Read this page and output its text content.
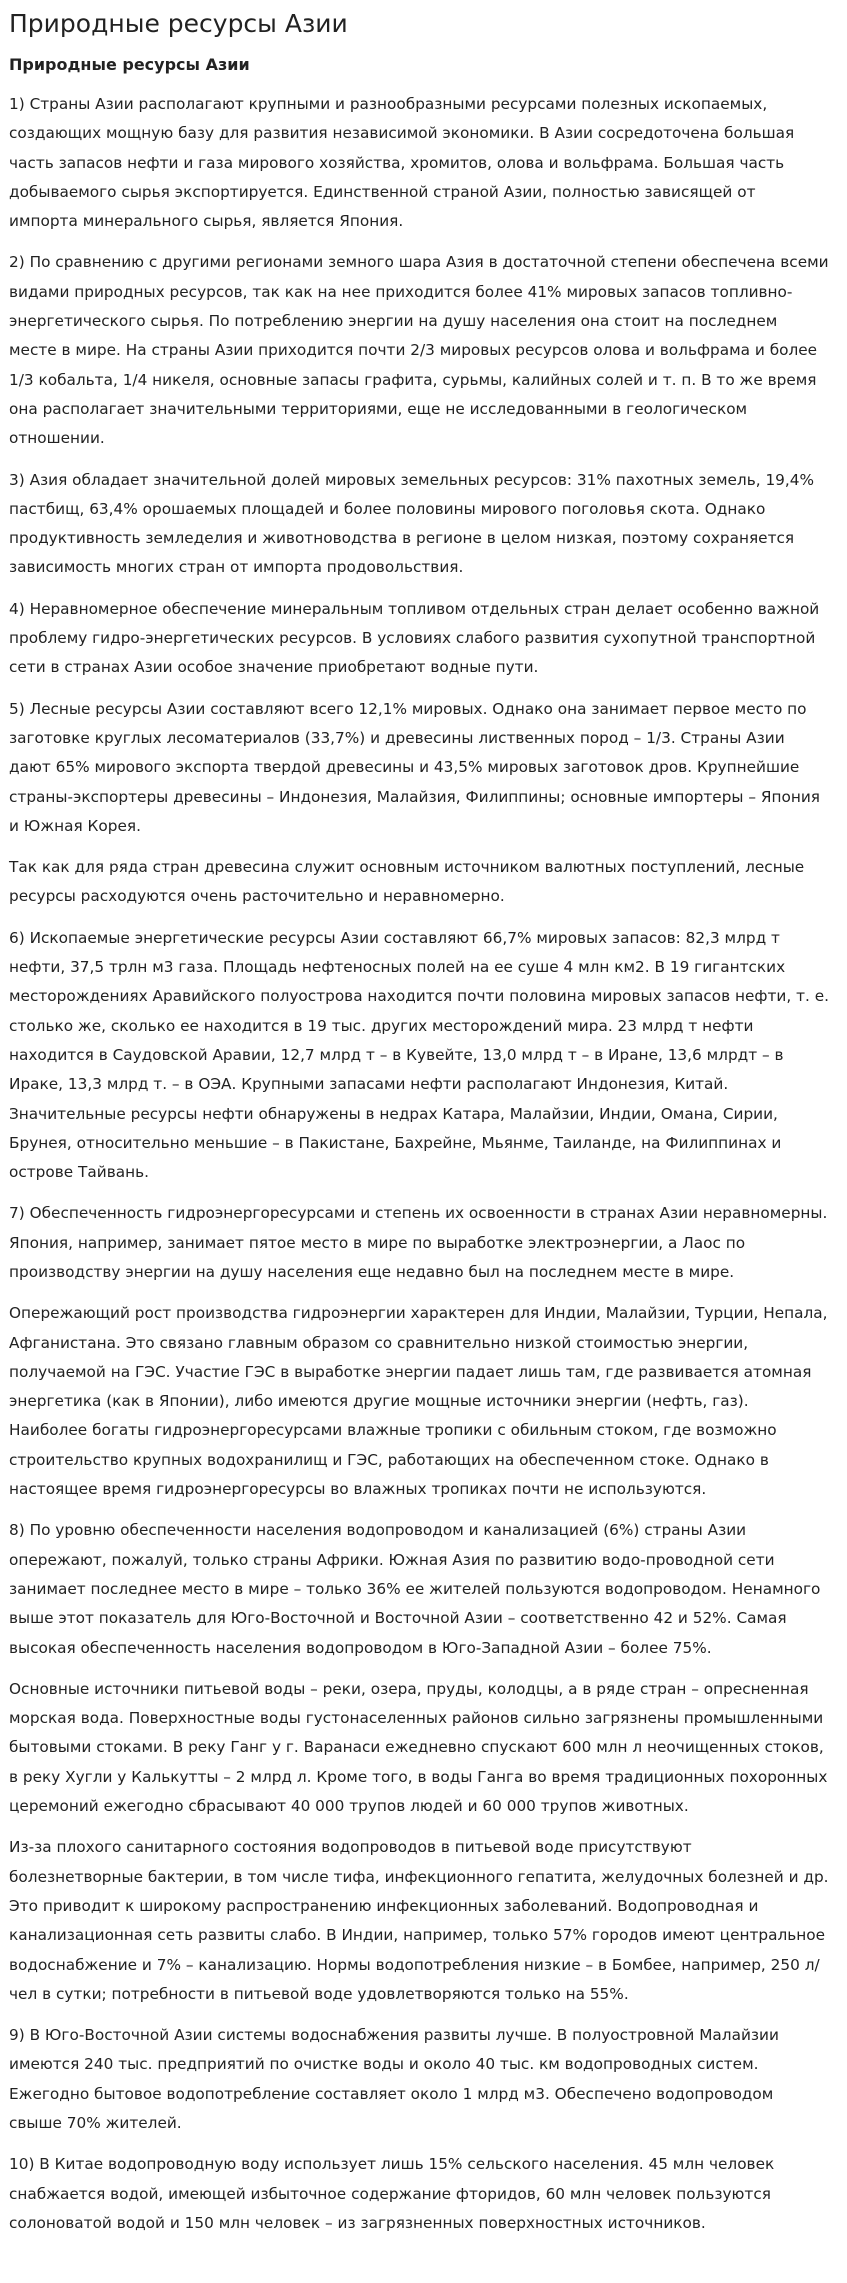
Природные ресурсы Азии
Природные ресурсы Азии

1) Страны Азии располагают крупными и разнообразными ресурсами полезных ископаемых, создающих мощную базу для развития независимой экономики. В Азии сосредоточена большая часть запасов нефти и газа мирового хозяйства, хромитов, олова и вольфрама. Большая часть добываемого сырья экспортируется. Единственной страной Азии, полностью зависящей от импорта минерального сырья, является Япония.

2) По сравнению с другими регионами земного шара Азия в достаточной степени обеспечена всеми видами природных ресурсов, так как на нее приходится более 41% мировых запасов топливно-энергетического сырья. По потреблению энергии на душу населения она стоит на последнем месте в мире. На страны Азии приходится почти 2/3 мировых ресурсов олова и вольфрама и более 1/3 кобальта, 1/4 никеля, основные запасы графита, сурьмы, калийных солей и т. п. В то же время она располагает значительными территориями, еще не исследованными в геологическом отношении.

3) Азия обладает значительной долей мировых земельных ресурсов: 31% пахотных земель, 19,4% пастбищ, 63,4% орошаемых площадей и более половины мирового поголовья скота. Однако продуктивность земледелия и животноводства в регионе в целом низкая, поэтому сохраняется зависимость многих стран от импорта продовольствия.

4) Неравномерное обеспечение минеральным топливом отдельных стран делает особенно важной проблему гидро-энергетических ресурсов. В условиях слабого развития сухопутной транспортной сети в странах Азии особое значение приобретают водные пути.

5) Лесные ресурсы Азии составляют всего 12,1% мировых. Однако она занимает первое место по заготовке круглых лесоматериалов (33,7%) и древесины лиственных пород – 1/3. Страны Азии дают 65% мирового экспорта твердой древесины и 43,5% мировых заготовок дров. Крупнейшие страны-экспортеры древесины – Индонезия, Малайзия, Филиппины; основные импортеры – Япония и Южная Корея.

Так как для ряда стран древесина служит основным источником валютных поступлений, лесные ресурсы расходуются очень расточительно и неравномерно.

6) Ископаемые энергетические ресурсы Азии составляют 66,7% мировых запасов: 82,3 млрд т нефти, 37,5 трлн м3 газа. Площадь нефтеносных полей на ее суше 4 млн км2. В 19 гигантских месторождениях Аравийского полуострова находится почти половина мировых запасов нефти, т. е. столько же, сколько ее находится в 19 тыс. других месторождений мира. 23 млрд т нефти находится в Саудовской Аравии, 12,7 млрд т – в Кувейте, 13,0 млрд т – в Иране, 13,6 млрдт – в Ираке, 13,3 млрд т. – в ОЭА. Крупными запасами нефти располагают Индонезия, Китай. Значительные ресурсы нефти обнаружены в недрах Катара, Малайзии, Индии, Омана, Сирии, Брунея, относительно меньшие – в Пакистане, Бахрейне, Мьянме, Таиланде, на Филиппинах и острове Тайвань.

7) Обеспеченность гидроэнергоресурсами и степень их освоенности в странах Азии неравномерны. Япония, например, занимает пятое место в мире по выработке электроэнергии, а Лаос по производству энергии на душу населения еще недавно был на последнем месте в мире.

Опережающий рост производства гидроэнергии характерен для Индии, Малайзии, Турции, Непала, Афганистана. Это связано главным образом со сравнительно низкой стоимостью энергии, получаемой на ГЭС. Участие ГЭС в выработке энергии падает лишь там, где развивается атомная энергетика (как в Японии), либо имеются другие мощные источники энергии (нефть, газ). Наиболее богаты гидроэнергоресурсами влажные тропики с обильным стоком, где возможно строительство крупных водохранилищ и ГЭС, работающих на обеспеченном стоке. Однако в настоящее время гидроэнергоресурсы во влажных тропиках почти не используются.

8) По уровню обеспеченности населения водопроводом и канализацией (6%) страны Азии опережают, пожалуй, только страны Африки. Южная Азия по развитию водо-проводной сети занимает последнее место в мире – только 36% ее жителей пользуются водопроводом. Ненамного выше этот показатель для Юго-Восточной и Восточной Азии – соответственно 42 и 52%. Самая высокая обеспеченность населения водопроводом в Юго-Западной Азии – более 75%.

Основные источники питьевой воды – реки, озера, пруды, колодцы, а в ряде стран – опресненная морская вода. Поверхностные воды густонаселенных районов сильно загрязнены промышленными бытовыми стоками. В реку Ганг у г. Варанаси ежедневно спускают 600 млн л неочищенных стоков, в реку Хугли у Калькутты – 2 млрд л. Кроме того, в воды Ганга во время традиционных похоронных церемоний ежегодно сбрасывают 40 000 трупов людей и 60 000 трупов животных.

Из-за плохого санитарного состояния водопроводов в питьевой воде присутствуют болезнетворные бактерии, в том числе тифа, инфекционного гепатита, желудочных болезней и др. Это приводит к широкому распространению инфекционных заболеваний. Водопроводная и канализационная сеть развиты слабо. В Индии, например, только 57% городов имеют центральное водоснабжение и 7% – канализацию. Нормы водопотребления низкие – в Бомбее, например, 250 л/чел в сутки; потребности в питьевой воде удовлетворяются только на 55%.

9) В Юго-Восточной Азии системы водоснабжения развиты лучше. В полуостровной Малайзии имеются 240 тыс. предприятий по очистке воды и около 40 тыс. км водопроводных систем. Ежегодно бытовое водопотребление составляет около 1 млрд м3. Обеспечено водопроводом свыше 70% жителей.

10) В Китае водопроводную воду использует лишь 15% сельского населения. 45 млн человек снабжается водой, имеющей избыточное содержание фторидов, 60 млн человек пользуются солоноватой водой и 150 млн человек – из загрязненных поверхностных источников.
